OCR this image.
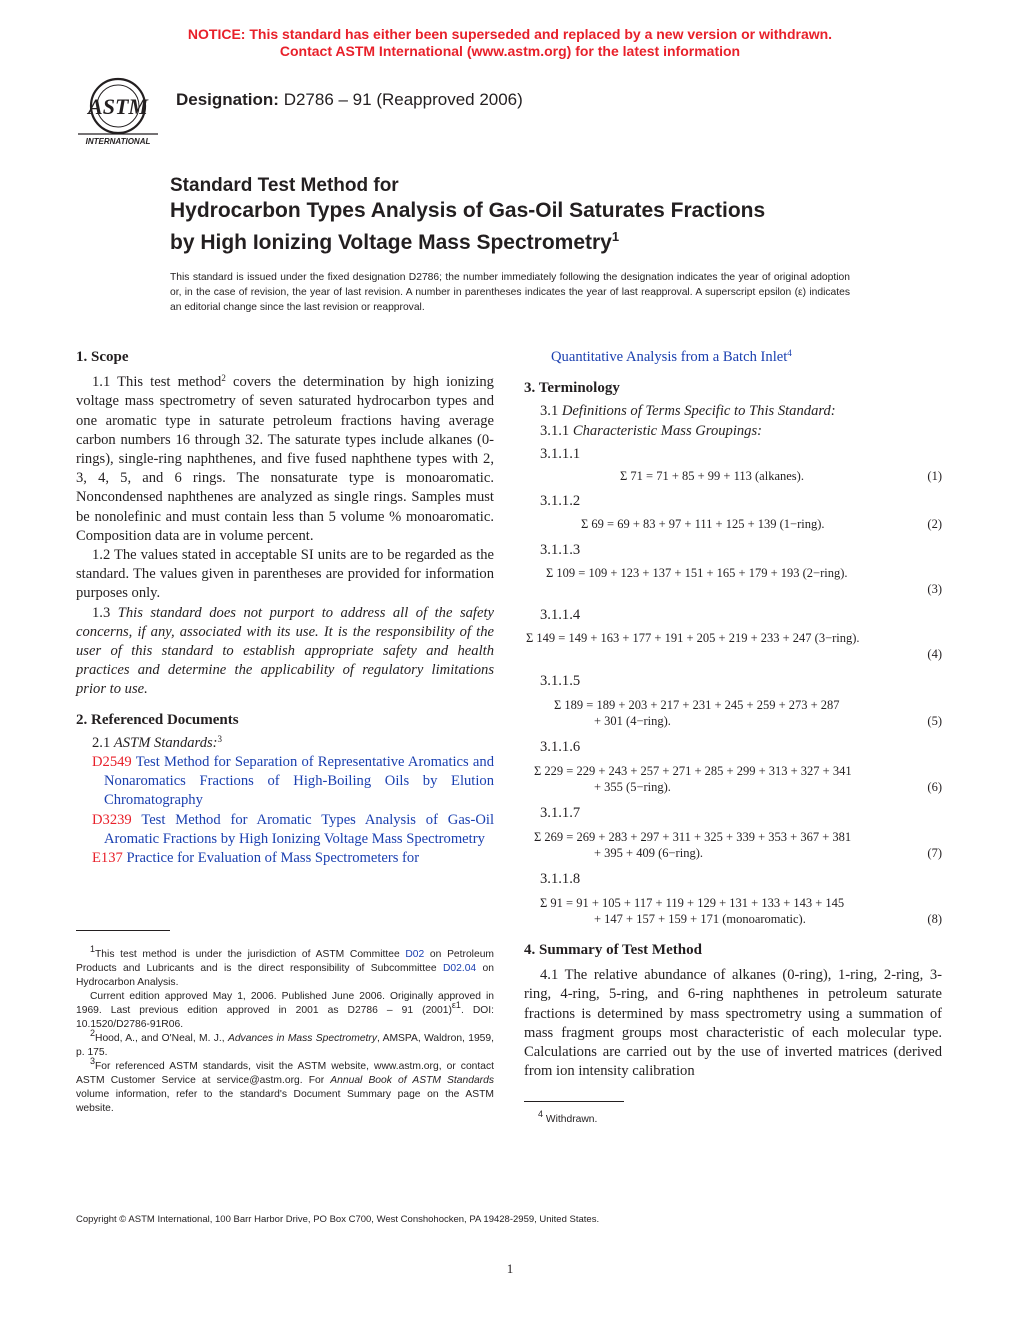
NOTICE: This standard has either been superseded and replaced by a new version or withdrawn.
Contact ASTM International (www.astm.org) for the latest information
ASTM
INTERNATIONAL
Designation: D2786 – 91 (Reapproved 2006)
Standard Test Method for
Hydrocarbon Types Analysis of Gas-Oil Saturates Fractions
by High Ionizing Voltage Mass Spectrometry$^1$
This standard is issued under the fixed designation D2786; the number immediately following the designation indicates the year of original adoption or, in the case of revision, the year of last revision. A number in parentheses indicates the year of last reapproval. A superscript epsilon (ε) indicates an editorial change since the last revision or reapproval.
1. Scope

1.1 This test method$^2$ covers the determination by high ionizing voltage mass spectrometry of seven saturated hydrocarbon types and one aromatic type in saturate petroleum fractions having average carbon numbers 16 through 32. The saturate types include alkanes (0-rings), single-ring naphthenes, and five fused naphthene types with 2, 3, 4, 5, and 6 rings. The nonsaturate type is monoaromatic. Noncondensed naphthenes are analyzed as single rings. Samples must be nonolefinic and must contain less than 5 volume % monoaromatic. Composition data are in volume percent.

1.2 The values stated in acceptable SI units are to be regarded as the standard. The values given in parentheses are provided for information purposes only.

1.3 This standard does not purport to address all of the safety concerns, if any, associated with its use. It is the responsibility of the user of this standard to establish appropriate safety and health practices and determine the applicability of regulatory limitations prior to use.

2. Referenced Documents
2.1 ASTM Standards:$^3$

D2549 Test Method for Separation of Representative Aromatics and Nonaromatics Fractions of High-Boiling Oils by Elution Chromatography

D3239 Test Method for Aromatic Types Analysis of Gas-Oil Aromatic Fractions by High Ionizing Voltage Mass Spectrometry

E137 Practice for Evaluation of Mass Spectrometers for

$^1$This test method is under the jurisdiction of ASTM Committee D02 on Petroleum Products and Lubricants and is the direct responsibility of Subcommittee D02.04 on Hydrocarbon Analysis.

Current edition approved May 1, 2006. Published June 2006. Originally approved in 1969. Last previous edition approved in 2001 as D2786 – 91 $(2001)^{\varepsilon 1}$. DOI: 10.1520/D2786-91R06.

$^2$Hood, A., and O'Neal, M. J., Advances in Mass Spectrometry, AMSPA, Waldron, 1959, p. 175.

$^3$For referenced ASTM standards, visit the ASTM website, www.astm.org, or contact ASTM Customer Service at service@astm.org. For Annual Book of ASTM Standards volume information, refer to the standard's Document Summary page on the ASTM website.

Quantitative Analysis from a Batch Inlet$^4$
3. Terminology
3.1 Definitions of Terms Specific to This Standard:
3.1.1 Characteristic Mass Groupings:
3.1.1.1
Σ 71 = 71 + 85 + 99 + 113 (alkanes).	(1)
3.1.1.2
Σ 69 = 69 + 83 + 97 + 111 + 125 + 139 (1−ring).	(2)
3.1.1.3
Σ 109 = 109 + 123 + 137 + 151 + 165 + 179 + 193 (2−ring).
(3)
3.1.1.4
Σ 149 = 149 + 163 + 177 + 191 + 205 + 219 + 233 + 247 (3−ring).
(4)
3.1.1.5
Σ 189 = 189 + 203 + 217 + 231 + 245 + 259 + 273 + 287
+ 301 (4−ring).	(5)
3.1.1.6
Σ 229 = 229 + 243 + 257 + 271 + 285 + 299 + 313 + 327 + 341
+ 355 (5−ring).	(6)
3.1.1.7
Σ 269 = 269 + 283 + 297 + 311 + 325 + 339 + 353 + 367 + 381
+ 395 + 409 (6−ring).	(7)
3.1.1.8
Σ 91 = 91 + 105 + 117 + 119 + 129 + 131 + 133 + 143 + 145
+ 147 + 157 + 159 + 171 (monoaromatic).	(8)
4. Summary of Test Method

4.1 The relative abundance of alkanes (0-ring), 1-ring, 2-ring, 3-ring, 4-ring, 5-ring, and 6-ring naphthenes in petroleum saturate fractions is determined by mass spectrometry using a summation of mass fragment groups most characteristic of each molecular type. Calculations are carried out by the use of inverted matrices (derived from ion intensity calibration

$^4$ Withdrawn.
Copyright © ASTM International, 100 Barr Harbor Drive, PO Box C700, West Conshohocken, PA 19428-2959, United States.
1
